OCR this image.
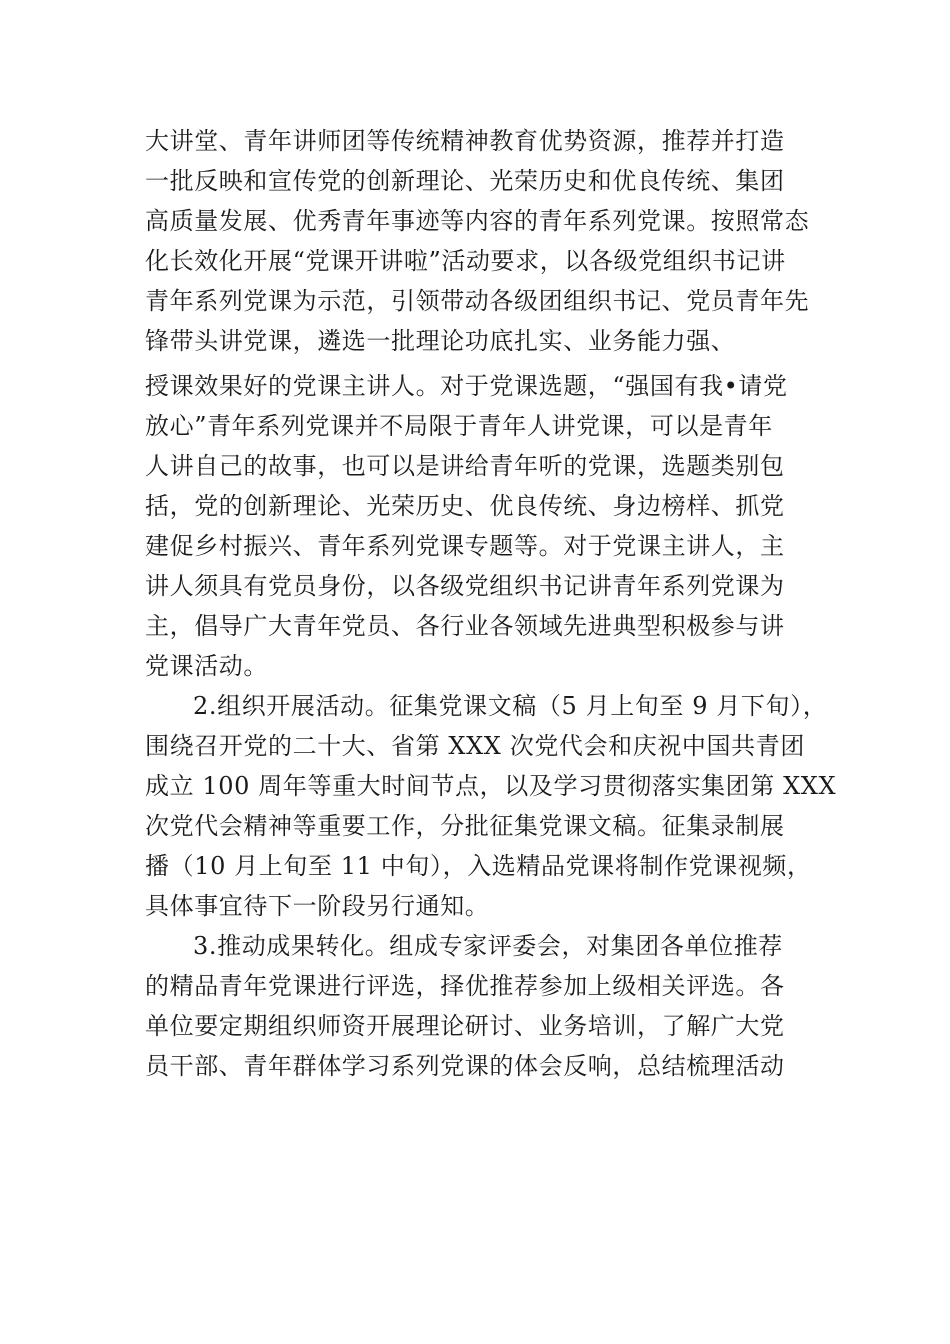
大讲堂、青年讲师团等传统精神教育优势资源，推荐并打造

一批反映和宣传党的创新理论、光荣历史和优良传统、集团

高质量发展、优秀青年事迹等内容的青年系列党课。按照常态

化长效化开展“党课开讲啦”活动要求，以各级党组织书记讲

青年系列党课为示范，引领带动各级团组织书记、党员青年先

锋带头讲党课，遴选一批理论功底扎实、业务能力强、

授课效果好的党课主讲人。对于党课选题，“强国有我•请党

放心”青年系列党课并不局限于青年人讲党课，可以是青年

人讲自己的故事，也可以是讲给青年听的党课，选题类别包

括，党的创新理论、光荣历史、优良传统、身边榜样、抓党

建促乡村振兴、青年系列党课专题等。对于党课主讲人，主

讲人须具有党员身份，以各级党组织书记讲青年系列党课为

主，倡导广大青年党员、各行业各领域先进典型积极参与讲

党课活动。

2.组织开展活动。征集党课文稿（5 月上旬至 9 月下旬），

围绕召开党的二十大、省第 XXX 次党代会和庆祝中国共青团

成立 100 周年等重大时间节点，以及学习贯彻落实集团第 XXX

次党代会精神等重要工作，分批征集党课文稿。征集录制展

播（10 月上旬至 11 中旬），入选精品党课将制作党课视频，

具体事宜待下一阶段另行通知。

3.推动成果转化。组成专家评委会，对集团各单位推荐

的精品青年党课进行评选，择优推荐参加上级相关评选。各

单位要定期组织师资开展理论研讨、业务培训，了解广大党

员干部、青年群体学习系列党课的体会反响，总结梳理活动
